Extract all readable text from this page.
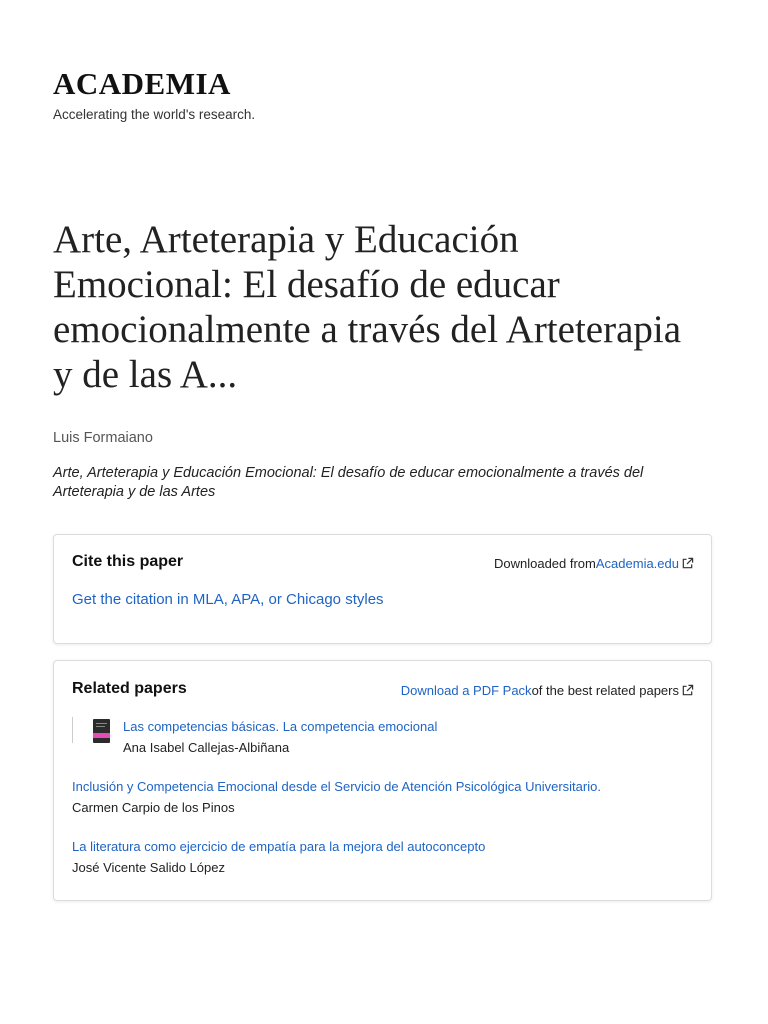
ACADEMIA
Accelerating the world's research.
Arte, Arteterapia y Educación Emocional: El desafío de educar emocionalmente a través del Arteterapia y de las A...
Luis Formaiano
Arte, Arteterapia y Educación Emocional: El desafío de educar emocionalmente a través del Arteterapia y de las Artes
Cite this paper	Downloaded from Academia.edu
Get the citation in MLA, APA, or Chicago styles
Related papers	Download a PDF Pack of the best related papers
Las competencias básicas. La competencia emocional
Ana Isabel Callejas-Albiñana
Inclusión y Competencia Emocional desde el Servicio de Atención Psicológica Universitario.
Carmen Carpio de los Pinos
La literatura como ejercicio de empatía para la mejora del autoconcepto
José Vicente Salido López
